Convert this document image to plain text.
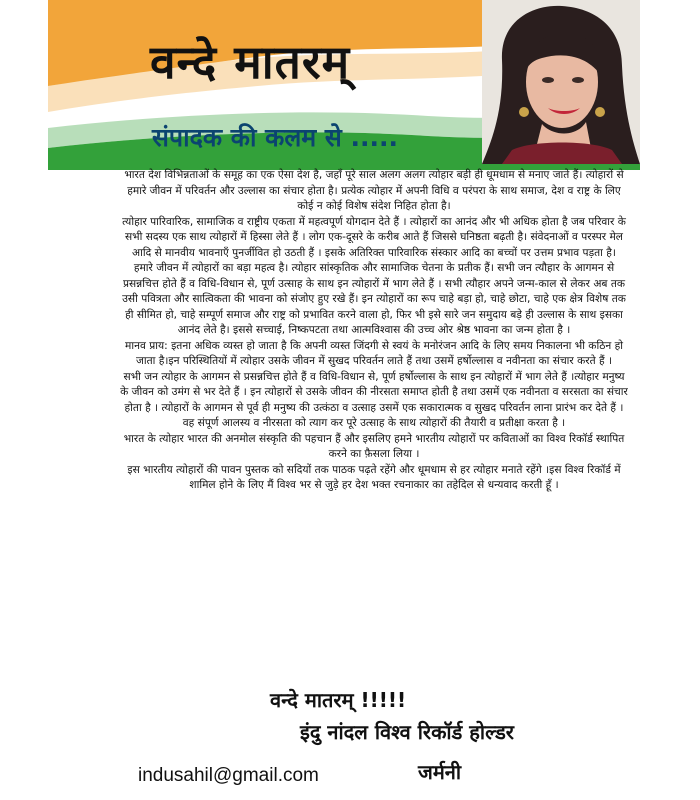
वन्दे मातरम्
संपादक की कलम से .....

भारत देश विभिन्नताओं के समूह का एक ऐसा देश है, जहाँ पूरे साल अलग अलग त्योहार बड़ी ही धूमधाम से मनाए जाते हैं। त्योहारों से हमारे जीवन में परिवर्तन और उल्लास का संचार होता है। प्रत्येक त्योहार में अपनी विधि व परंपरा के साथ समाज, देश व राष्ट्र के लिए कोई न कोई विशेष संदेश निहित होता है।

त्योहार पारिवारिक, सामाजिक व राष्ट्रीय एकता में महत्वपूर्ण योगदान देते हैं । त्योहारों का आनंद और भी अधिक होता है जब परिवार के सभी सदस्य एक साथ त्योहारों में हिस्सा लेते हैं । लोग एक-दूसरे के करीब आते हैं जिससे घनिष्ठता बढ़ती है। संवेदनाओं व परस्पर मेल आदि से मानवीय भावनाएँ पुनर्जीवित हो उठती हैं । इसके अतिरिक्त पारिवारिक संस्कार आदि का बच्चों पर उत्तम प्रभाव पड़ता है।

हमारे जीवन में त्योहारों का बड़ा महत्व है। त्योहार सांस्कृतिक और सामाजिक चेतना के प्रतीक हैं। सभी जन त्यौहार के आगमन से प्रसन्नचित्त होते हैं व विधि-विधान से, पूर्ण उत्साह के साथ इन त्योहारों में भाग लेते हैं । सभी त्यौहार अपने जन्म-काल से लेकर अब तक उसी पवित्रता और सात्विकता की भावना को संजोए हुए रखे हैं। इन त्योहारों का रूप चाहे बड़ा हो, चाहे छोटा, चाहे एक क्षेत्र विशेष तक ही सीमित हो, चाहे सम्पूर्ण समाज और राष्ट्र को प्रभावित करने वाला हो, फिर भी इसे सारे जन समुदाय बड़े ही उल्लास के साथ इसका आनंद लेते है। इससे सच्चाई, निष्कपटता तथा आत्मविश्वास की उच्च ओर श्रेष्ठ भावना का जन्म होता है ।

मानव प्राय: इतना अधिक व्यस्त हो जाता है कि अपनी व्यस्त जिंदगी से स्वयं के मनोरंजन आदि के लिए समय निकालना भी कठिन हो जाता है।इन परिस्थितियों में त्योहार उसके जीवन में सुखद परिवर्तन लाते हैं तथा उसमें हर्षोल्लास व नवीनता का संचार करते हैं ।

सभी जन त्योहार के आगमन से प्रसन्नचित्त होते हैं व विधि-विधान से, पूर्ण हर्षोल्लास के साथ इन त्योहारों में भाग लेते हैं ।त्योहार मनुष्य के जीवन को उमंग से भर देते हैं । इन त्योहारों से उसके जीवन की नीरसता समाप्त होती है तथा उसमें एक नवीनता व सरसता का संचार होता है । त्योहारों के आगमन से पूर्व ही मनुष्य की उत्कंठा व उत्साह उसमें एक सकारात्मक व सुखद परिवर्तन लाना प्रारंभ कर देते हैं । वह संपूर्ण आलस्य व नीरसता को त्याग कर पूरे उत्साह के साथ त्योहारों की तैयारी व प्रतीक्षा करता है ।

भारत के त्योहार भारत की अनमोल संस्कृति की पहचान हैं और इसलिए हमने भारतीय त्योहारों पर कविताओं का विश्व रिकॉर्ड स्थापित करने का फ़ैसला लिया ।

इस भारतीय त्योहारों की पावन पुस्तक को सदियों तक पाठक पढ़ते रहेंगे और धूमधाम से हर त्योहार मनाते रहेंगे ।इस विश्व रिकॉर्ड में शामिल होने के लिए मैं विश्व भर से जुड़े हर देश भक्त रचनाकार का तहेदिल से धन्यवाद करती हूँ ।

वन्दे मातरम् !!!!!

इंदु नांदल विश्व रिकॉर्ड होल्डर

indusahil@gmail.com	जर्मनी
